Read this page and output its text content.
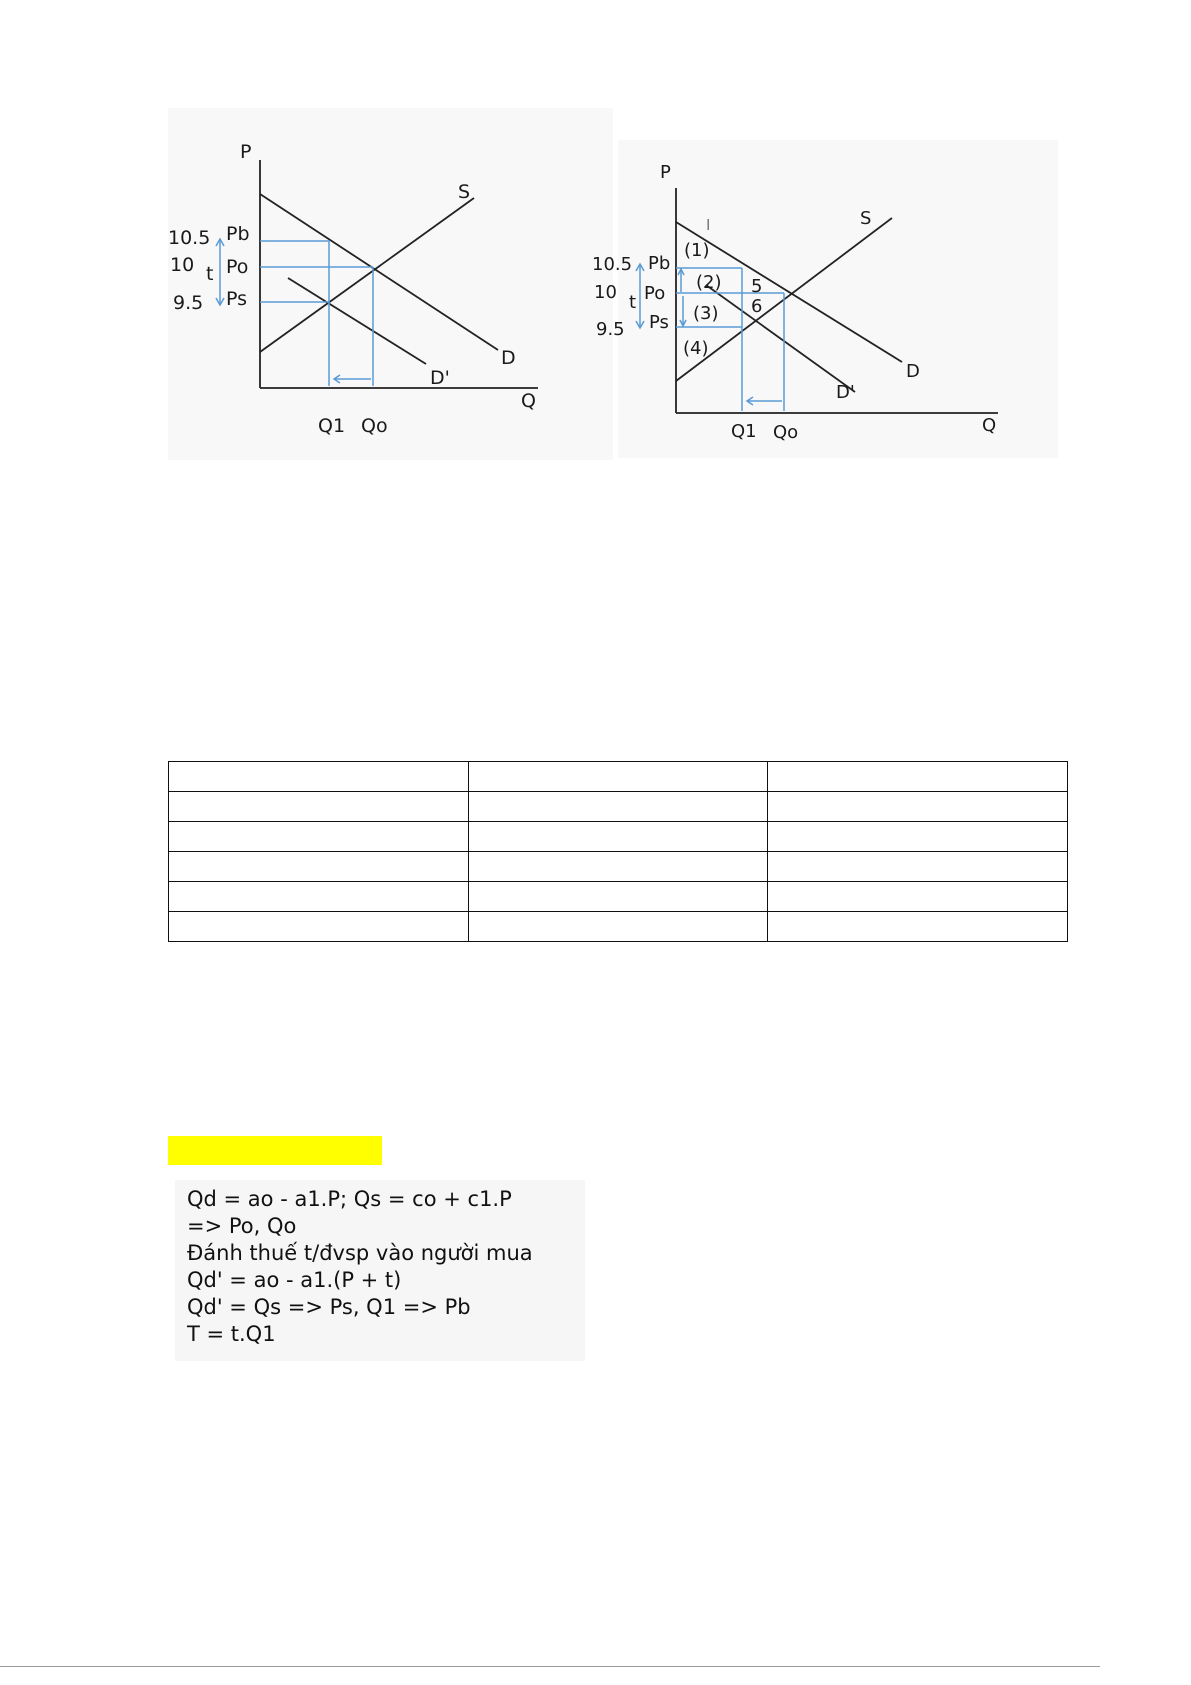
P
Q
10.5
10
9.5
Pb
Po
Ps
t
S
D
D'
Q1 Qo
P
Q
10.5
10
9.5
Pb
Po
Ps
t
(1)
(2)
(3)
(4)
5
6
I	S
D
D'
Q1 Qo

Qd = ao - a1.P; Qs = co + c1.P
=> Po, Qo
Đánh thuế t/đvsp vào người mua
Qd' = ao - a1.(P + t)
Qd' = Qs => Ps, Q1 => Pb
T = t.Q1
